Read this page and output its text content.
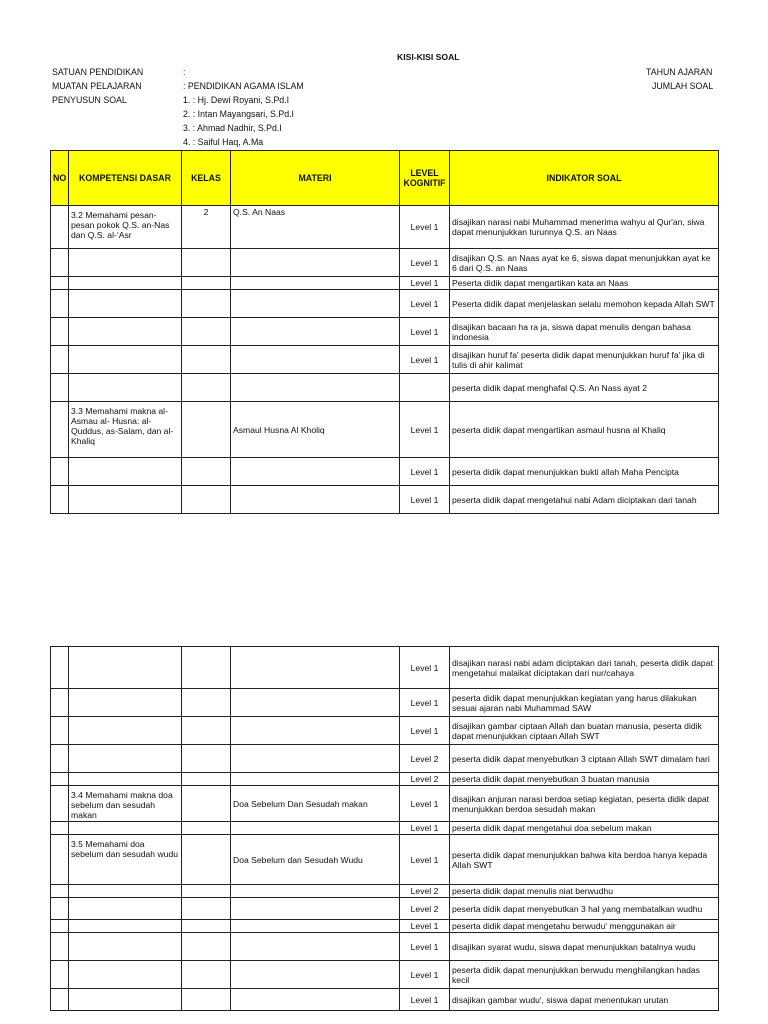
KISI-KISI SOAL
SATUAN PENDIDIKAN	:
MUATAN PELAJARAN	: PENDIDIKAN AGAMA ISLAM
PENYUSUN SOAL	1. : Hj. Dewi Royani, S.Pd.I
2. : Intan Mayangsari, S.Pd.I
3. : Ahmad Nadhir, S.Pd.I
4. : Saiful Haq, A.Ma
TAHUN AJARAN
JUMLAH SOAL
NO	KOMPETENSI DASAR	KELAS	MATERI	LEVEL KOGNITIF	INDIKATOR SOAL
	3.2 Memahami pesan-pesan pokok Q.S. an-Nas dan Q.S. al-‘Asr	2	Q.S. An Naas	Level 1	disajikan narasi nabi Muhammad menerima wahyu al Qur'an, siwa dapat menunjukkan turunnya Q.S. an Naas
				Level 1	disajikan Q.S. an Naas ayat ke 6, siswa dapat menunjukkan ayat ke 6 dari Q.S. an Naas
				Level 1	Peserta didik dapat mengartikan kata an Naas
				Level 1	Peserta didik dapat menjelaskan selalu memohon kepada Allah SWT
				Level 1	disajikan bacaan ha ra ja, siswa dapat menulis dengan bahasa indonesia
				Level 1	disajikan huruf fa' peserta didik dapat menunjukkan huruf fa' jika di tulis di ahir kalimat
					peserta didik dapat menghafal Q.S. An Nass ayat 2
	3.3 Memahami makna al-Asmau al- Husna: al-Quddus, as-Salam, dan al-Khaliq		Asmaul Husna Al Kholiq	Level 1	peserta didik dapat mengartikan asmaul husna al Khaliq
				Level 1	peserta didik dapat menunjukkan bukti allah Maha Pencipta
				Level 1	peserta didik dapat mengetahui nabi Adam diciptakan dari tanah
				Level 1	disajikan narasi nabi adam diciptakan dari tanah, peserta didik dapat mengetahui malaikat diciptakan dari nur/cahaya
				Level 1	peserta didik dapat menunjukkan kegiatan yang harus dilakukan sesuai ajaran nabi Muhammad SAW
				Level 1	disajikan gambar ciptaan Allah dan buatan manusia, peserta didik dapat menunjukkan ciptaan Allah SWT
				Level 2	peserta didik dapat menyebutkan 3 ciptaan Allah SWT dimalam hari
				Level 2	peserta didik dapat menyebutkan 3 buatan manusia
	3.4 Memahami makna doa sebelum dan sesudah makan		Doa Sebelum Dan Sesudah makan	Level 1	disajikan anjuran narasi berdoa setiap kegiatan, peserta didik dapat menunjukkan berdoa sesudah makan
				Level 1	peserta didik dapat mengetahui doa sebelum makan
	3.5 Memahami doa sebelum dan sesudah wudu		Doa Sebelum dan Sesudah Wudu	Level 1	peserta didik dapat menunjukkan bahwa kita berdoa hanya kepada Allah SWT
				Level 2	peserta didik dapat menulis niat berwudhu
				Level 2	peserta didik dapat menyebutkan 3 hal yang membatalkan wudhu
				Level 1	peserta didik dapat mengetahu berwudu' menggunakan air
				Level 1	disajikan syarat wudu, siswa dapat menunjukkan batalnya wudu
				Level 1	peserta didik dapat menunjukkan berwudu menghilangkan hadas kecil
				Level 1	disajikan gambar wudu', siswa dapat menentukan urutan
